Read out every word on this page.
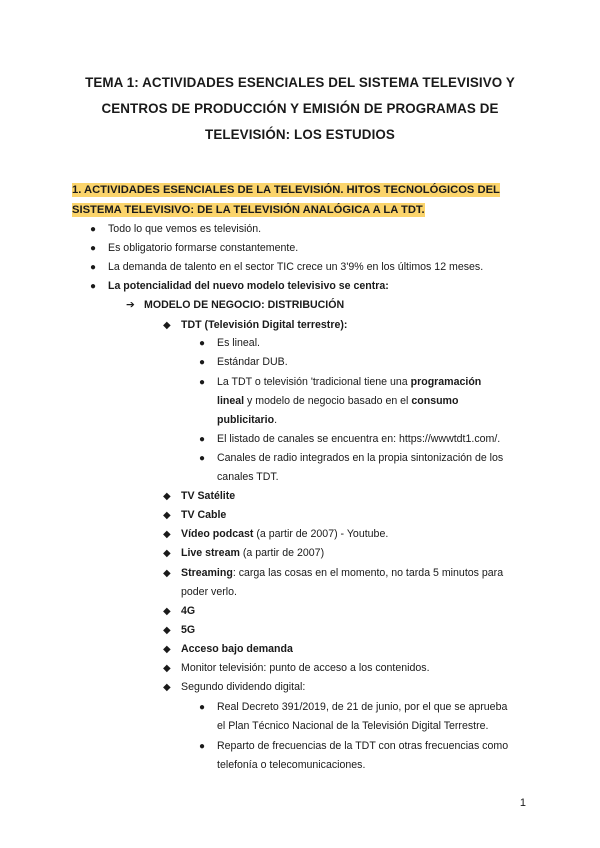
TEMA 1: ACTIVIDADES ESENCIALES DEL SISTEMA TELEVISIVO Y
CENTROS DE PRODUCCIÓN Y EMISIÓN DE PROGRAMAS DE
TELEVISIÓN: LOS ESTUDIOS
1. ACTIVIDADES ESENCIALES DE LA TELEVISIÓN. HITOS TECNOLÓGICOS DEL
SISTEMA TELEVISIVO: DE LA TELEVISIÓN ANALÓGICA A LA TDT.
● Todo lo que vemos es televisión.
● Es obligatorio formarse constantemente.
● La demanda de talento en el sector TIC crece un 3'9% en los últimos 12 meses.
● La potencialidad del nuevo modelo televisivo se centra:
➔ MODELO DE NEGOCIO: DISTRIBUCIÓN
◆ TDT (Televisión Digital terrestre):
● Es lineal.
● Estándar DUB.
● La TDT o televisión 'tradicional tiene una programación
lineal y modelo de negocio basado en el consumo
publicitario.
● El listado de canales se encuentra en: https://wwwtdt1.com/.
● Canales de radio integrados en la propia sintonización de los
canales TDT.
◆ TV Satélite
◆ TV Cable
◆ Vídeo podcast (a partir de 2007) - Youtube.
◆ Live stream (a partir de 2007)
◆ Streaming: carga las cosas en el momento, no tarda 5 minutos para
poder verlo.
◆ 4G
◆ 5G
◆ Acceso bajo demanda
◆ Monitor televisión: punto de acceso a los contenidos.
◆ Segundo dividendo digital:
● Real Decreto 391/2019, de 21 de junio, por el que se aprueba
el Plan Técnico Nacional de la Televisión Digital Terrestre.
● Reparto de frecuencias de la TDT con otras frecuencias como
telefonía o telecomunicaciones.
1
